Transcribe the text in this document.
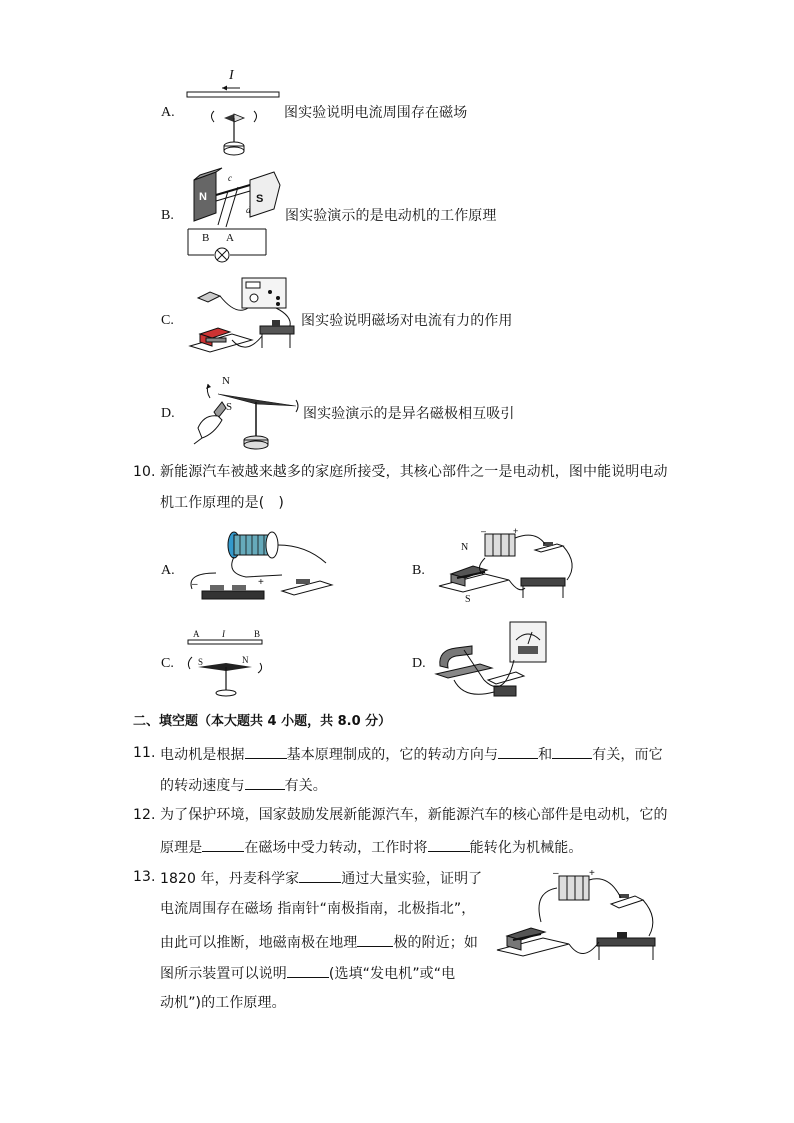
A.
I
图实验说明电流周围存在磁场
B.
N	S
c
d
B A
图实验演示的是电动机的工作原理
C.	图实验说明磁场对电流有力的作用
D.
N
S	图实验演示的是异名磁极相互吸引
10. 新能源汽车被越来越多的家庭所接受，其核心部件之一是电动机，图中能说明电动
机工作原理的是(　)
A.
–	+
B.
–	+
N
S
C.
A	I	B
S	N	D.
二、填空题（本大题共 4 小题，共 8.0 分）
11. 电动机是根据	基本原理制成的，它的转动方向与	和	有关，而它
的转动速度与	有关。
12. 为了保护环境，国家鼓励发展新能源汽车，新能源汽车的核心部件是电动机，它的
原理是	在磁场中受力转动，工作时将	能转化为机械能。
13. 1820 年，丹麦科学家	通过大量实验，证明了
电流周围存在磁场 指南针“南极指南，北极指北”，
由此可以推断，地磁南极在地理	极的附近；如
图所示装置可以说明	(选填“发电机”或“电
动机”)的工作原理。
–	+
